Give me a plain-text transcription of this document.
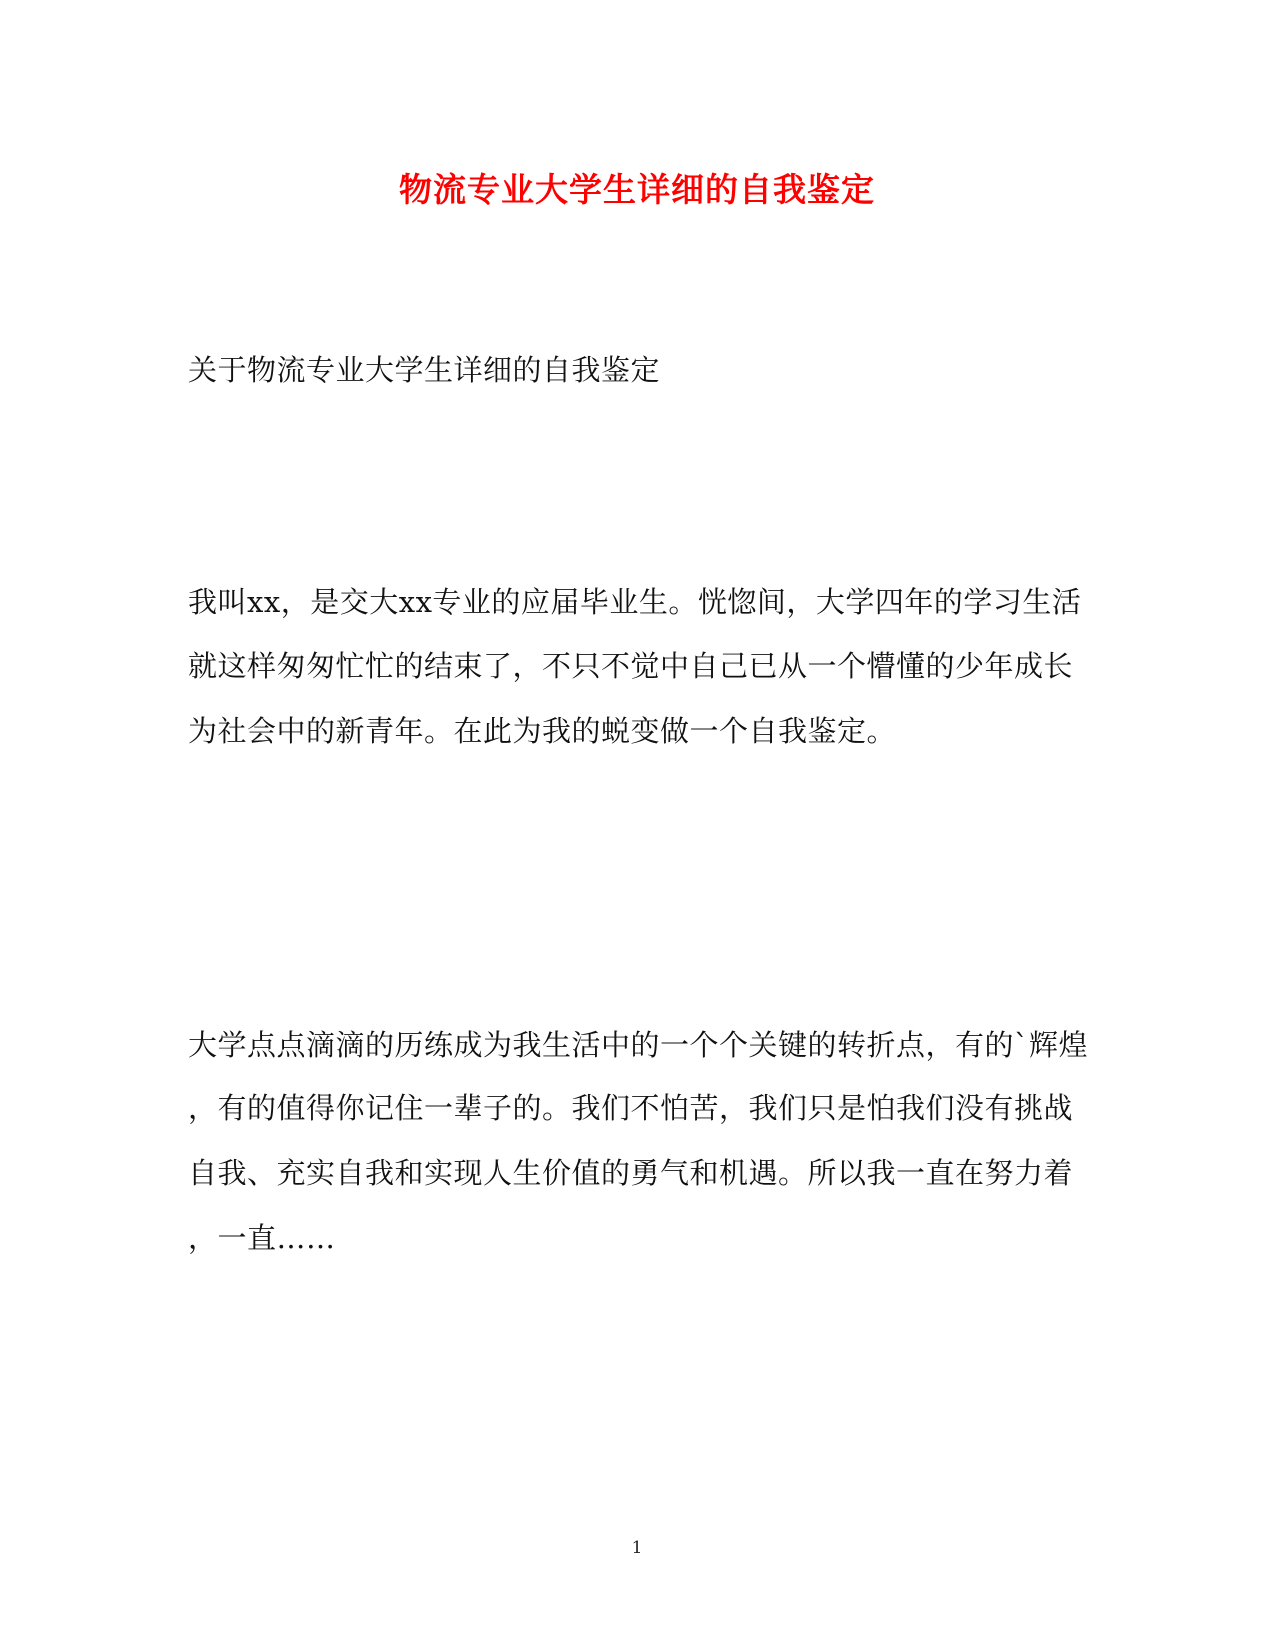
物流专业大学生详细的自我鉴定
关于物流专业大学生详细的自我鉴定
我叫xx，是交大xx专业的应届毕业生。恍惚间，大学四年的学习生活
就这样匆匆忙忙的结束了，不只不觉中自己已从一个懵懂的少年成长
为社会中的新青年。在此为我的蜕变做一个自我鉴定。
大学点点滴滴的历练成为我生活中的一个个关键的转折点，有的`辉煌
，有的值得你记住一辈子的。我们不怕苦，我们只是怕我们没有挑战
自我、充实自我和实现人生价值的勇气和机遇。所以我一直在努力着
，一直……
1
